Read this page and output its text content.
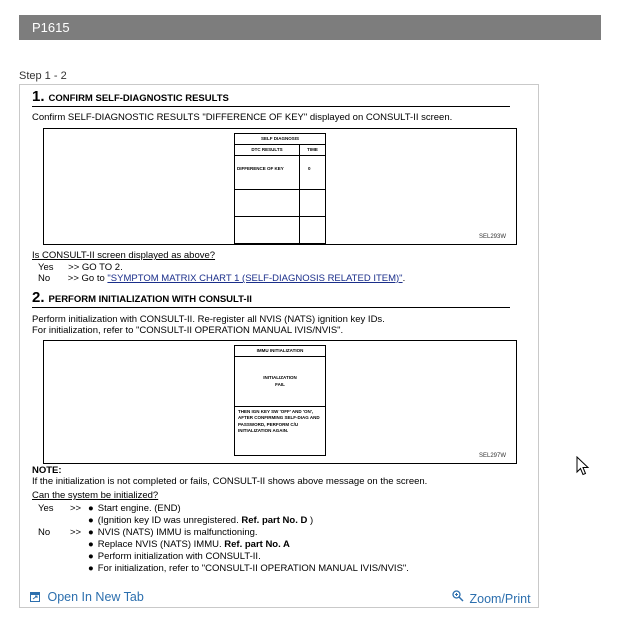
P1615
Step 1 - 2
1. CONFIRM SELF-DIAGNOSTIC RESULTS
Confirm SELF-DIAGNOSTIC RESULTS "DIFFERENCE OF KEY" displayed on CONSULT-II screen.
SELF DIAGNOSIS
DTC RESULTS	TIME
DIFFERENCE OF KEY	0
SEL293W
Is CONSULT-II screen displayed as above?
Yes >> GO TO 2.
No >> Go to "SYMPTOM MATRIX CHART 1 (SELF-DIAGNOSIS RELATED ITEM)".
2. PERFORM INITIALIZATION WITH CONSULT-II
Perform initialization with CONSULT-II. Re-register all NVIS (NATS) ignition key IDs.
For initialization, refer to "CONSULT-II OPERATION MANUAL IVIS/NVIS".
IMMU INITIALIZATION
INITIALIZATION
FAIL
THEN IGN KEY SW 'OFF' AND 'ON', AFTER CONFIRMING SELF-DIAG AND PASSWORD, PERFORM C/U INITIALIZATION AGAIN.
SEL297W
NOTE:
If the initialization is not completed or fails, CONSULT-II shows above message on the screen.
Can the system be initialized?
Yes >> ● Start engine. (END)
● (Ignition key ID was unregistered. Ref. part No. D )
No >> ● NVIS (NATS) IMMU is malfunctioning.
● Replace NVIS (NATS) IMMU. Ref. part No. A
● Perform initialization with CONSULT-II.
● For initialization, refer to "CONSULT-II OPERATION MANUAL IVIS/NVIS".
Open In New Tab	Zoom/Print
